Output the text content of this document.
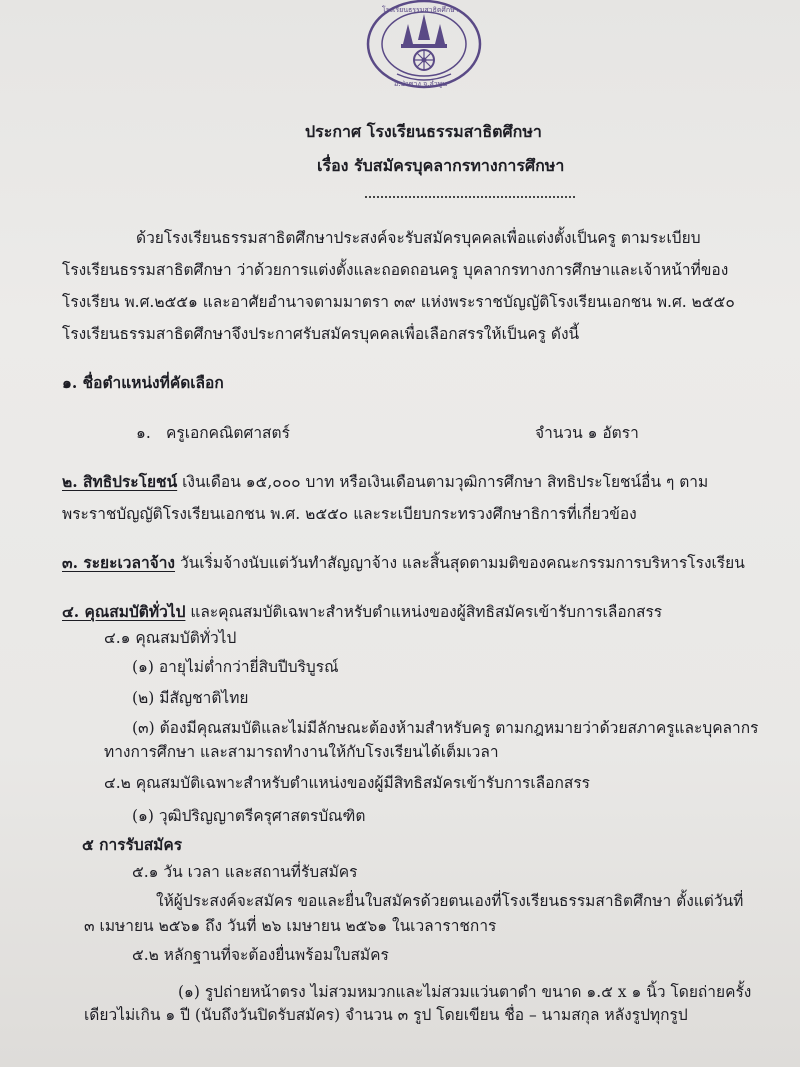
โรงเรียนธรรมสาธิตศึกษา
อ.ป่าซาง จ.ลำพูน
ประกาศ โรงเรียนธรรมสาธิตศึกษา
เรื่อง รับสมัครบุคลากรทางการศึกษา
ด้วยโรงเรียนธรรมสาธิตศึกษาประสงค์จะรับสมัครบุคคลเพื่อแต่งตั้งเป็นครู ตามระเบียบ
โรงเรียนธรรมสาธิตศึกษา ว่าด้วยการแต่งตั้งและถอดถอนครู บุคลากรทางการศึกษาและเจ้าหน้าที่ของ
โรงเรียน พ.ศ.๒๕๕๑ และอาศัยอำนาจตามมาตรา ๓๙ แห่งพระราชบัญญัติโรงเรียนเอกชน พ.ศ. ๒๕๕๐
โรงเรียนธรรมสาธิตศึกษาจึงประกาศรับสมัครบุคคลเพื่อเลือกสรรให้เป็นครู ดังนี้
๑. ชื่อตำแหน่งที่คัดเลือก
๑. ครูเอกคณิตศาสตร์	จำนวน ๑ อัตรา
๒. สิทธิประโยชน์ เงินเดือน ๑๕,๐๐๐ บาท หรือเงินเดือนตามวุฒิการศึกษา สิทธิประโยชน์อื่น ๆ ตาม
พระราชบัญญัติโรงเรียนเอกชน พ.ศ. ๒๕๕๐ และระเบียบกระทรวงศึกษาธิการที่เกี่ยวข้อง
๓. ระยะเวลาจ้าง วันเริ่มจ้างนับแต่วันทำสัญญาจ้าง และสิ้นสุดตามมติของคณะกรรมการบริหารโรงเรียน
๔. คุณสมบัติทั่วไป และคุณสมบัติเฉพาะสำหรับตำแหน่งของผู้สิทธิสมัครเข้ารับการเลือกสรร
๔.๑ คุณสมบัติทั่วไป
(๑) อายุไม่ต่ำกว่ายี่สิบปีบริบูรณ์
(๒) มีสัญชาติไทย
(๓) ต้องมีคุณสมบัติและไม่มีลักษณะต้องห้ามสำหรับครู ตามกฎหมายว่าด้วยสภาครูและบุคลากร
ทางการศึกษา และสามารถทำงานให้กับโรงเรียนได้เต็มเวลา
๔.๒ คุณสมบัติเฉพาะสำหรับตำแหน่งของผู้มีสิทธิสมัครเข้ารับการเลือกสรร
(๑) วุฒิปริญญาตรีครุศาสตรบัณฑิต
๕ การรับสมัคร
๕.๑ วัน เวลา และสถานที่รับสมัคร
ให้ผู้ประสงค์จะสมัคร ขอและยื่นใบสมัครด้วยตนเองที่โรงเรียนธรรมสาธิตศึกษา ตั้งแต่วันที่
๓ เมษายน ๒๕๖๑ ถึง วันที่ ๒๖ เมษายน ๒๕๖๑ ในเวลาราชการ
๕.๒ หลักฐานที่จะต้องยื่นพร้อมใบสมัคร
(๑) รูปถ่ายหน้าตรง ไม่สวมหมวกและไม่สวมแว่นตาดำ ขนาด ๑.๕ x ๑ นิ้ว โดยถ่ายครั้ง
เดียวไม่เกิน ๑ ปี (นับถึงวันปิดรับสมัคร) จำนวน ๓ รูป โดยเขียน ชื่อ – นามสกุล หลังรูปทุกรูป
